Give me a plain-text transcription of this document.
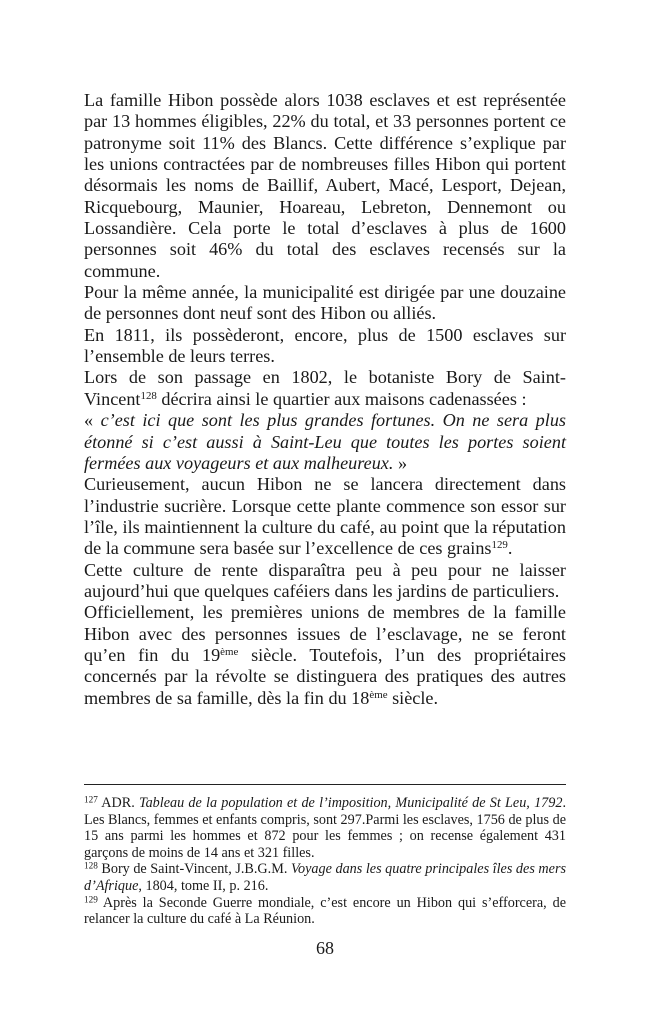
La famille Hibon possède alors 1038 esclaves et est représentée par 13 hommes éligibles, 22% du total, et 33 personnes portent ce patronyme soit 11% des Blancs. Cette différence s’explique par les unions contractées par de nombreuses filles Hibon qui portent désormais les noms de Baillif, Aubert, Macé, Lesport, Dejean, Ricquebourg, Maunier, Hoareau, Lebreton, Dennemont ou Lossandière. Cela porte le total d’esclaves à plus de 1600 personnes soit 46% du total des esclaves recensés sur la commune.

Pour la même année, la municipalité est dirigée par une douzaine de personnes dont neuf sont des Hibon ou alliés.

En 1811, ils possèderont, encore, plus de 1500 esclaves sur l’ensemble de leurs terres.

Lors de son passage en 1802, le botaniste Bory de Saint-Vincent$^{128}$ décrira ainsi le quartier aux maisons cadenassées :

« c’est ici que sont les plus grandes fortunes. On ne sera plus étonné si c’est aussi à Saint-Leu que toutes les portes soient fermées aux voyageurs et aux malheureux. »

Curieusement, aucun Hibon ne se lancera directement dans l’industrie sucrière. Lorsque cette plante commence son essor sur l’île, ils maintiennent la culture du café, au point que la réputation de la commune sera basée sur l’excellence de ces grains$^{129}$.

Cette culture de rente disparaîtra peu à peu pour ne laisser aujourd’hui que quelques caféiers dans les jardins de particuliers.

Officiellement, les premières unions de membres de la famille Hibon avec des personnes issues de l’esclavage, ne se feront qu’en fin du 19ème siècle. Toutefois, l’un des propriétaires concernés par la révolte se distinguera des pratiques des autres membres de sa famille, dès la fin du 18ème siècle.

$^{127}$ ADR. Tableau de la population et de l’imposition, Municipalité de St Leu, 1792. Les Blancs, femmes et enfants compris, sont 297.Parmi les esclaves, 1756 de plus de 15 ans parmi les hommes et 872 pour les femmes ; on recense également 431 garçons de moins de 14 ans et 321 filles.

$^{128}$ Bory de Saint-Vincent, J.B.G.M. Voyage dans les quatre principales îles des mers d’Afrique, 1804, tome II, p. 216.

$^{129}$ Après la Seconde Guerre mondiale, c’est encore un Hibon qui s’efforcera, de relancer la culture du café à La Réunion.

68
